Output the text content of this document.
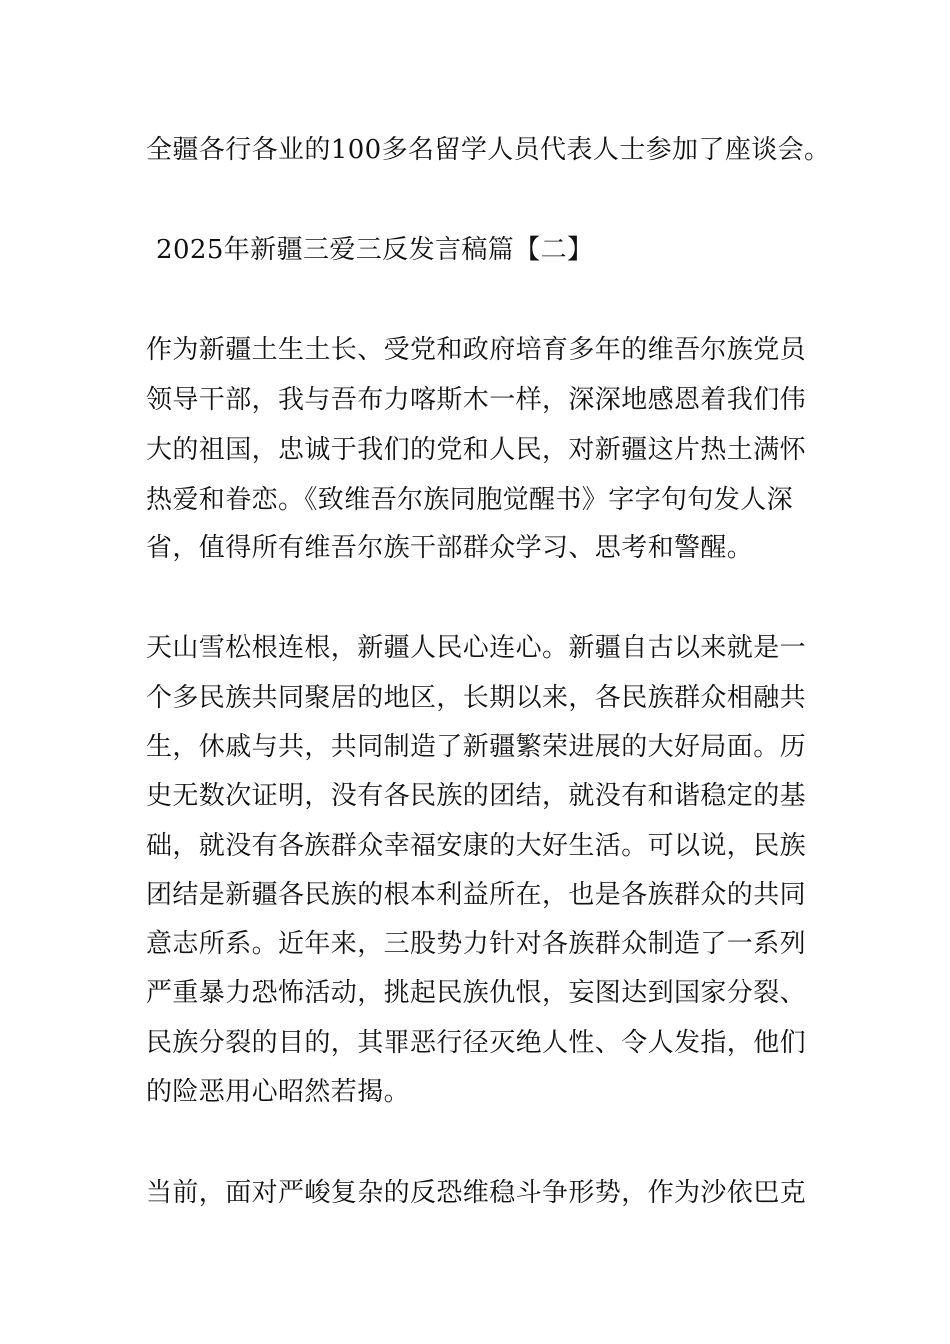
全疆各行各业的100多名留学人员代表人士参加了座谈会。
2025年新疆三爱三反发言稿篇【二】
作为新疆土生土长、受党和政府培育多年的维吾尔族党员
领导干部，我与吾布力喀斯木一样，深深地感恩着我们伟
大的祖国，忠诚于我们的党和人民，对新疆这片热土满怀
热爱和眷恋。《致维吾尔族同胞觉醒书》字字句句发人深
省，值得所有维吾尔族干部群众学习、思考和警醒。
天山雪松根连根，新疆人民心连心。新疆自古以来就是一
个多民族共同聚居的地区，长期以来，各民族群众相融共
生，休戚与共，共同制造了新疆繁荣进展的大好局面。历
史无数次证明，没有各民族的团结，就没有和谐稳定的基
础，就没有各族群众幸福安康的大好生活。可以说，民族
团结是新疆各民族的根本利益所在，也是各族群众的共同
意志所系。近年来，三股势力针对各族群众制造了一系列
严重暴力恐怖活动，挑起民族仇恨，妄图达到国家分裂、
民族分裂的目的，其罪恶行径灭绝人性、令人发指，他们
的险恶用心昭然若揭。
当前，面对严峻复杂的反恐维稳斗争形势，作为沙依巴克
